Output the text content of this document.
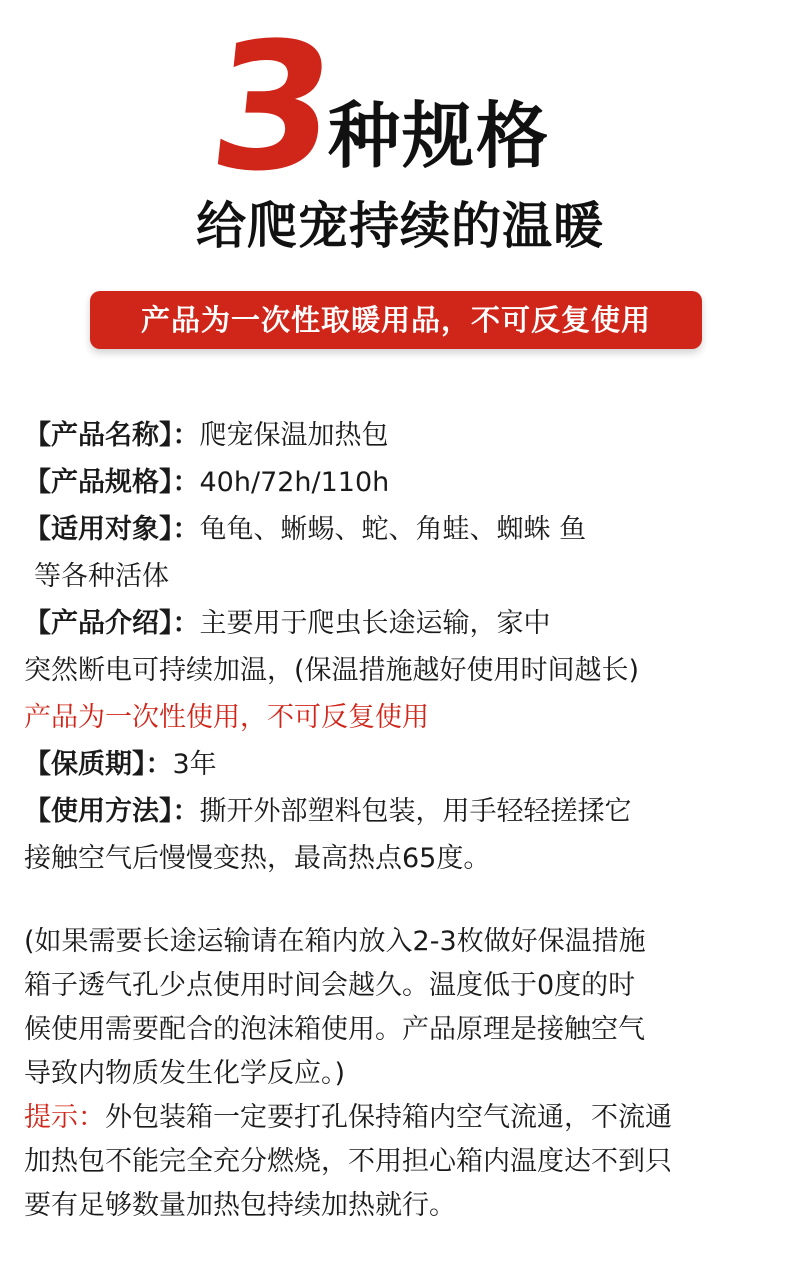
3
种规格
给爬宠持续的温暖
产品为一次性取暖用品，不可反复使用
【产品名称】：爬宠保温加热包
【产品规格】：40h/72h/110h
【适用对象】：龟龟、蜥蜴、蛇、角蛙、蜘蛛 鱼
等各种活体
【产品介绍】：主要用于爬虫长途运输，家中
突然断电可持续加温，(保温措施越好使用时间越长)
产品为一次性使用，不可反复使用
【保质期】：3年
【使用方法】：撕开外部塑料包装，用手轻轻搓揉它
接触空气后慢慢变热，最高热点65度。
(如果需要长途运输请在箱内放入2-3枚做好保温措施
箱子透气孔少点使用时间会越久。温度低于0度的时
候使用需要配合的泡沫箱使用。产品原理是接触空气
导致内物质发生化学反应。)
提示：外包装箱一定要打孔保持箱内空气流通，不流通
加热包不能完全充分燃烧，不用担心箱内温度达不到只
要有足够数量加热包持续加热就行。
